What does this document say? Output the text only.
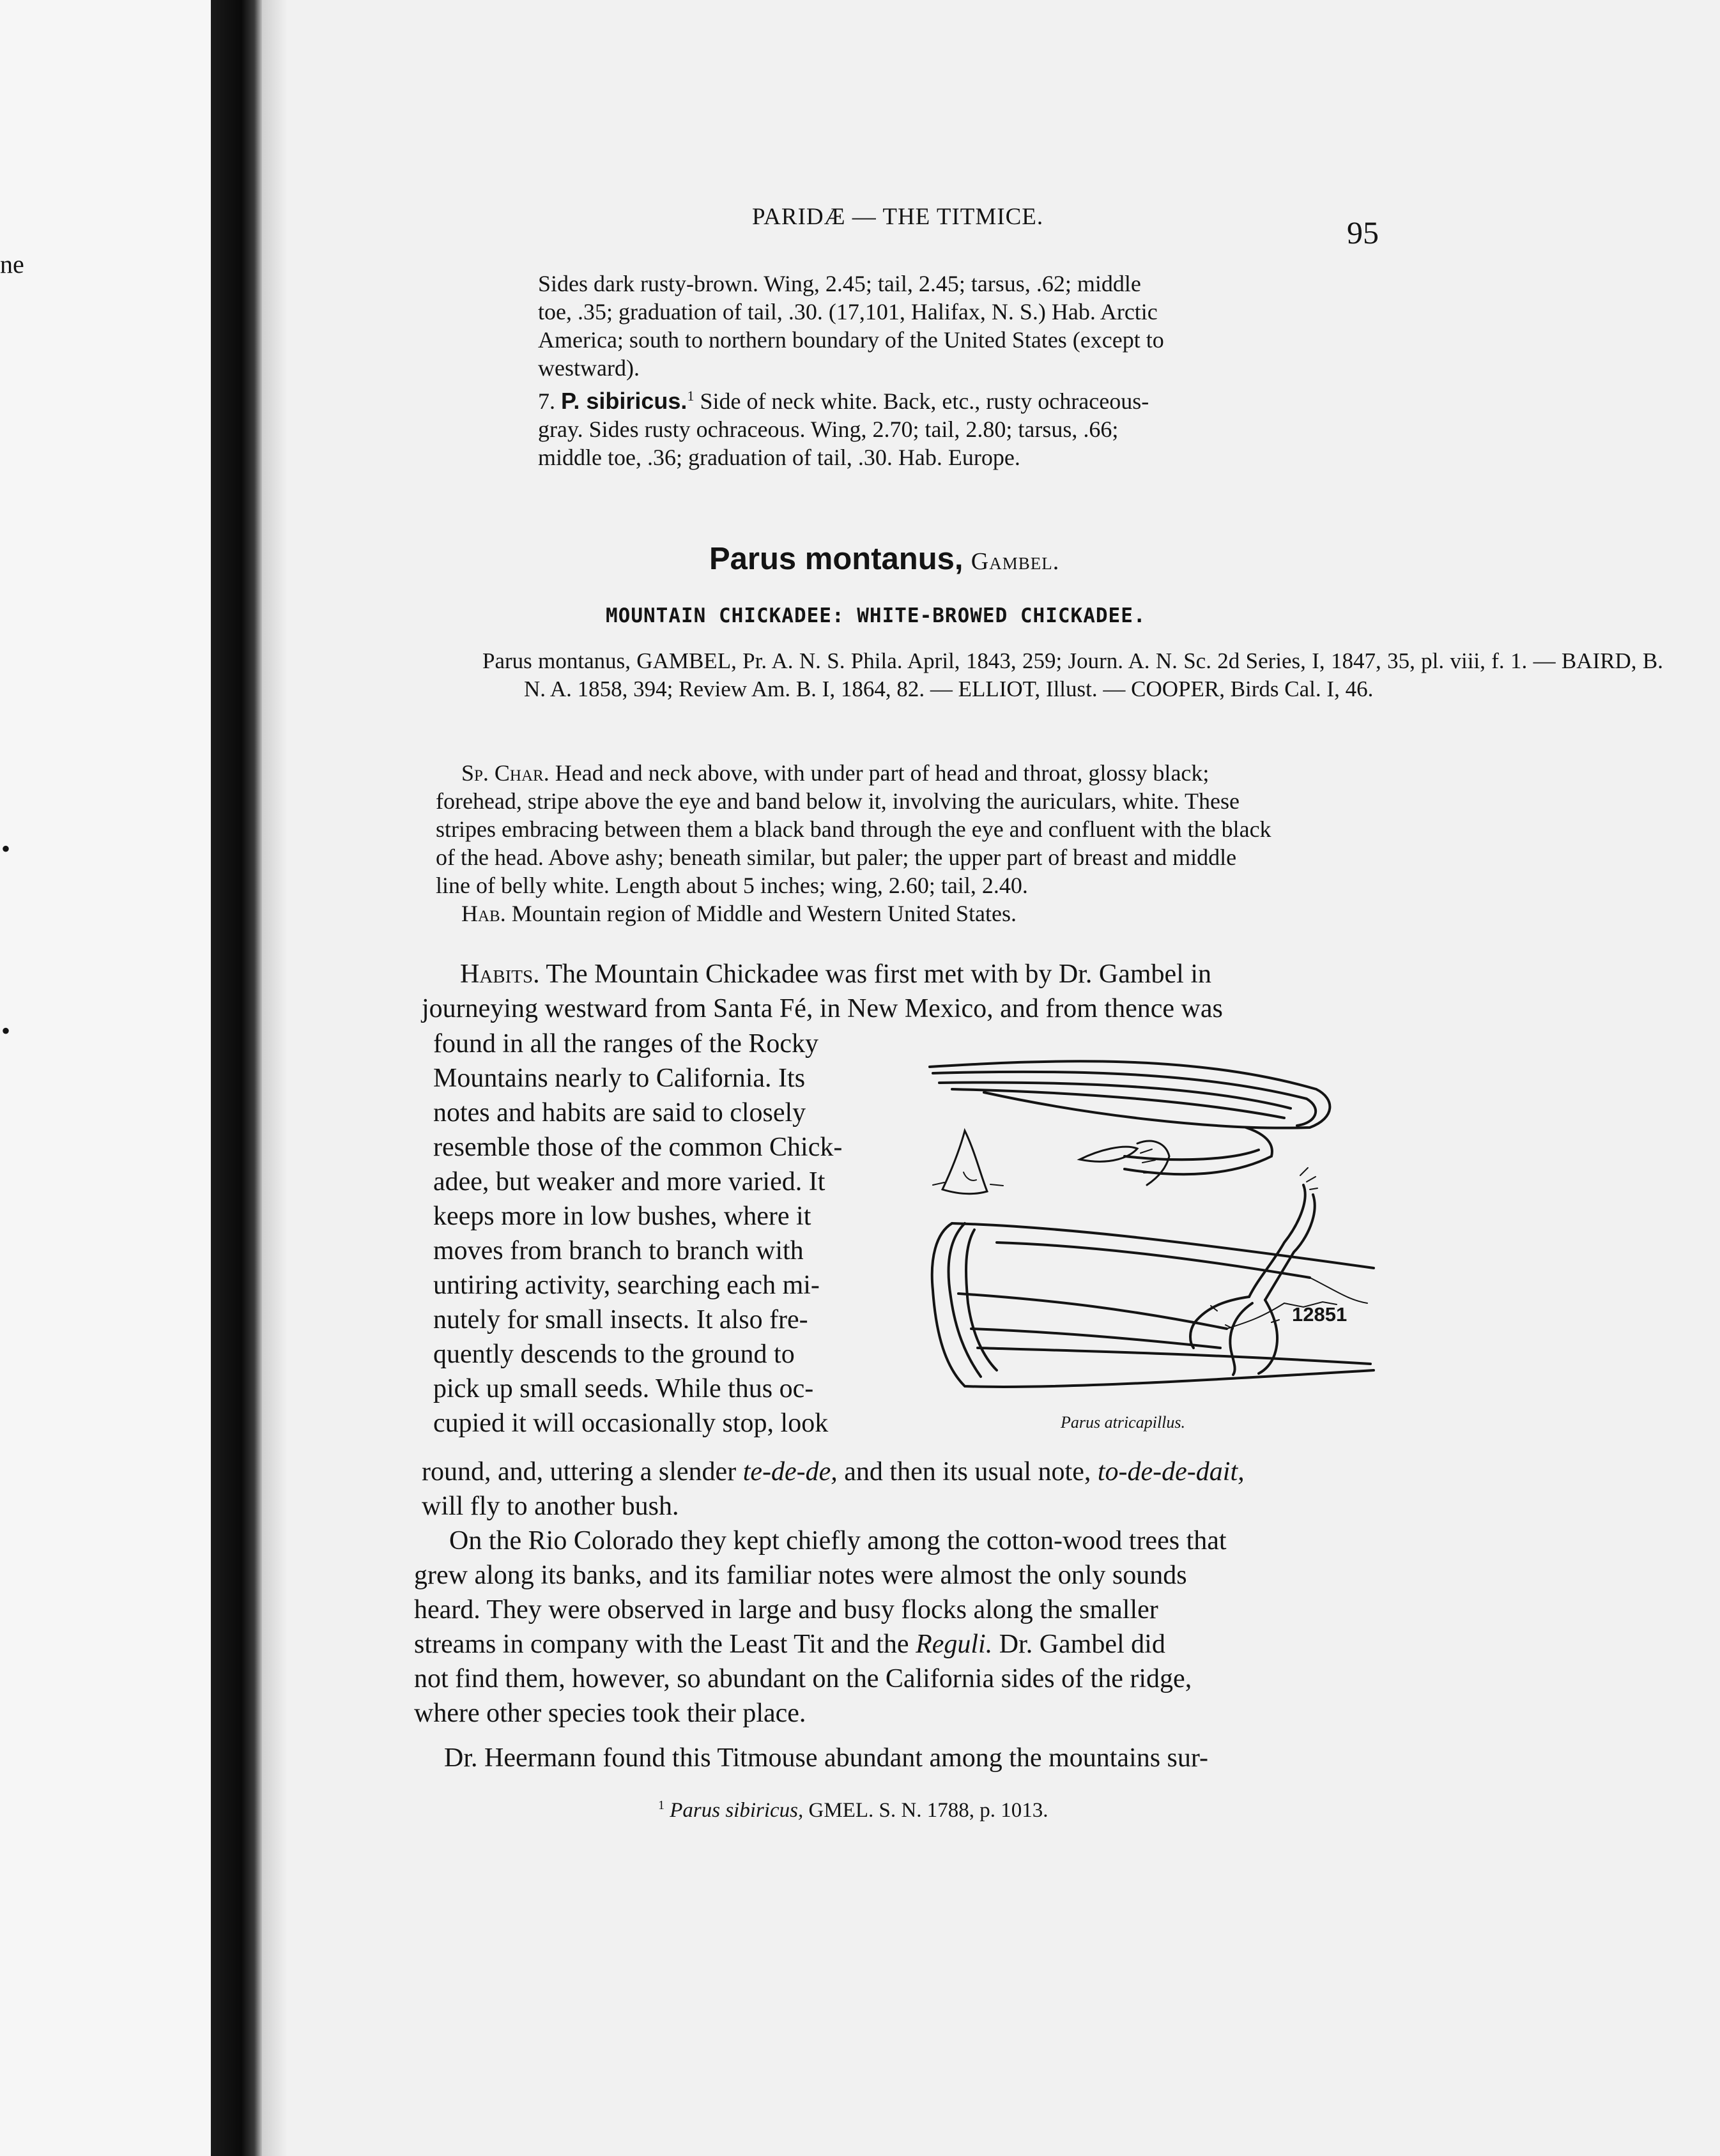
ne
•
•
PARIDÆ — THE TITMICE.	95
Sides dark rusty-brown. Wing, 2.45; tail, 2.45; tarsus, .62; middle
toe, .35; graduation of tail, .30. (17,101, Halifax, N. S.) Hab. Arctic
America; south to northern boundary of the United States (except to
westward).
7. P. sibiricus.$^1$ Side of neck white. Back, etc., rusty ochraceous-
gray. Sides rusty ochraceous. Wing, 2.70; tail, 2.80; tarsus, .66;
middle toe, .36; graduation of tail, .30. Hab. Europe.
Parus montanus, Gambel.
MOUNTAIN CHICKADEE: WHITE-BROWED CHICKADEE.

Parus montanus, GAMBEL, Pr. A. N. S. Phila. April, 1843, 259; Journ. A. N. Sc. 2d Series, I, 1847, 35, pl. viii, f. 1. — BAIRD, B. N. A. 1858, 394; Review Am. B. I, 1864, 82. — ELLIOT, Illust. — COOPER, Birds Cal. I, 46.

Sp. Char. Head and neck above, with under part of head and throat, glossy black;
forehead, stripe above the eye and band below it, involving the auriculars, white. These
stripes embracing between them a black band through the eye and confluent with the black
of the head. Above ashy; beneath similar, but paler; the upper part of breast and middle
line of belly white. Length about 5 inches; wing, 2.60; tail, 2.40.
Hab. Mountain region of Middle and Western United States.
Habits. The Mountain Chickadee was first met with by Dr. Gambel in
journeying westward from Santa Fé, in New Mexico, and from thence was
found in all the ranges of the Rocky
Mountains nearly to California. Its
notes and habits are said to closely
resemble those of the common Chick-
adee, but weaker and more varied. It
keeps more in low bushes, where it
moves from branch to branch with
untiring activity, searching each mi-
nutely for small insects. It also fre-
quently descends to the ground to
pick up small seeds. While thus oc-
cupied it will occasionally stop, look
12851
Parus atricapillus.
round, and, uttering a slender te-de-de, and then its usual note, to-de-de-dait,
will fly to another bush.
On the Rio Colorado they kept chiefly among the cotton-wood trees that
grew along its banks, and its familiar notes were almost the only sounds
heard. They were observed in large and busy flocks along the smaller
streams in company with the Least Tit and the Reguli. Dr. Gambel did
not find them, however, so abundant on the California sides of the ridge,
where other species took their place.
Dr. Heermann found this Titmouse abundant among the mountains sur-
$^1$ Parus sibiricus, GMEL. S. N. 1788, p. 1013.
